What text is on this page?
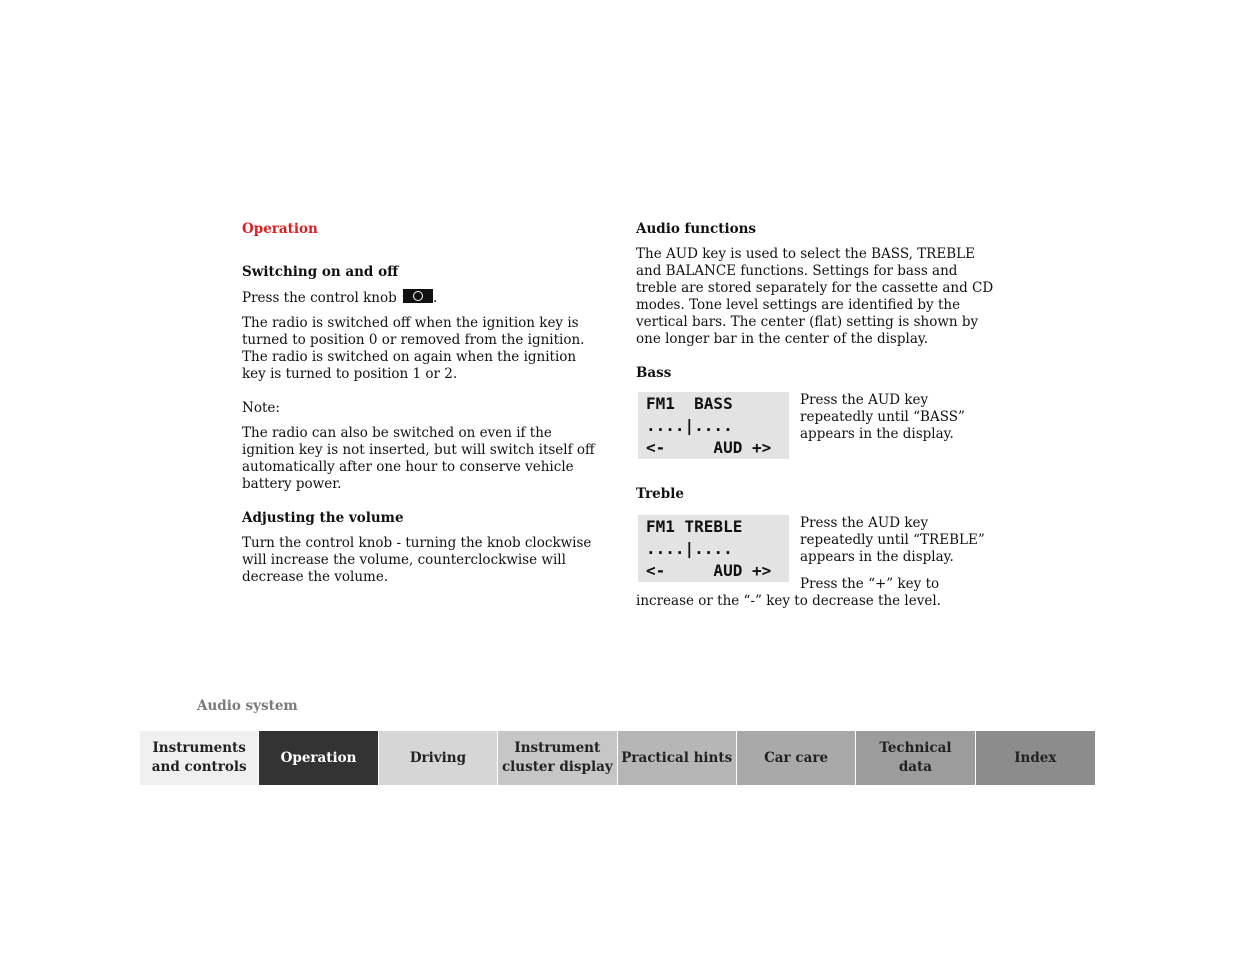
Operation
Switching on and off

Press the control knob	.

The radio is switched off when the ignition key is turned to position 0 or removed from the ignition. The radio is switched on again when the ignition key is turned to position 1 or 2.

Note:

The radio can also be switched on even if the ignition key is not inserted, but will switch itself off automatically after one hour to conserve vehicle battery power.

Adjusting the volume

Turn the control knob - turning the knob clockwise will increase the volume, counterclockwise will decrease the volume.

Audio functions

The AUD key is used to select the BASS, TREBLE and BALANCE functions. Settings for bass and treble are stored separately for the cassette and CD modes. Tone level settings are identified by the vertical bars. The center (flat) setting is shown by one longer bar in the center of the display.

Bass
FM1  BASS
....|....
<-     AUD +>
Press the AUD key repeatedly until “BASS” appears in the display.
Treble
FM1 TREBLE
....|....
<-     AUD +>
Press the AUD key repeatedly until “TREBLE” appears in the display.

Press the “+” key to increase or the “-” key to decrease the level.

Audio system
Instruments
and controls
Operation	Driving
Instrument
cluster display
Practical hints	Car care
Technical
data
Index
